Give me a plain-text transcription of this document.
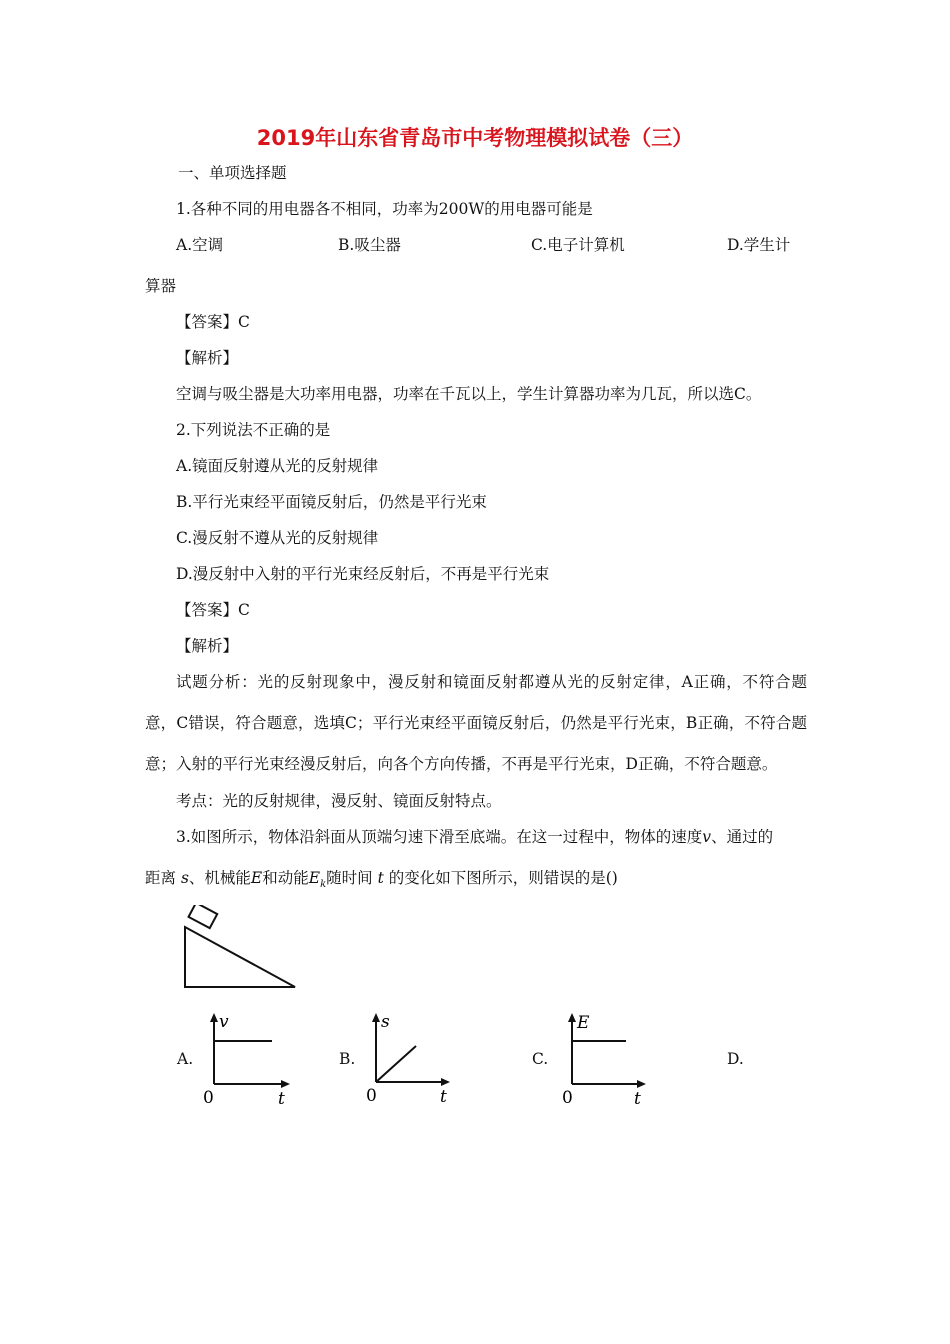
2019年山东省青岛市中考物理模拟试卷（三）
一、单项选择题
1.各种不同的用电器各不相同，功率为200W的用电器可能是
A.空调	B.吸尘器	C.电子计算机	D.学生计
算器
【答案】C
【解析】
空调与吸尘器是大功率用电器，功率在千瓦以上，学生计算器功率为几瓦，所以选C。
2.下列说法不正确的是
A.镜面反射遵从光的反射规律
B.平行光束经平面镜反射后，仍然是平行光束
C.漫反射不遵从光的反射规律
D.漫反射中入射的平行光束经反射后，不再是平行光束
【答案】C
【解析】
试题分析：光的反射现象中，漫反射和镜面反射都遵从光的反射定律，A正确，不符合题意，C错误，符合题意，选填C；平行光束经平面镜反射后，仍然是平行光束，B正确，不符合题意；入射的平行光束经漫反射后，向各个方向传播，不再是平行光束，D正确，不符合题意。
考点：光的反射规律，漫反射、镜面反射特点。
3.如图所示，物体沿斜面从顶端匀速下滑至底端。在这一过程中，物体的速度v、通过的
距离 s、机械能E和动能$E_k$随时间 t 的变化如下图所示，则错误的是()
A.	B.	C.	D.
v
t
0
s
t
0
E
t
0
